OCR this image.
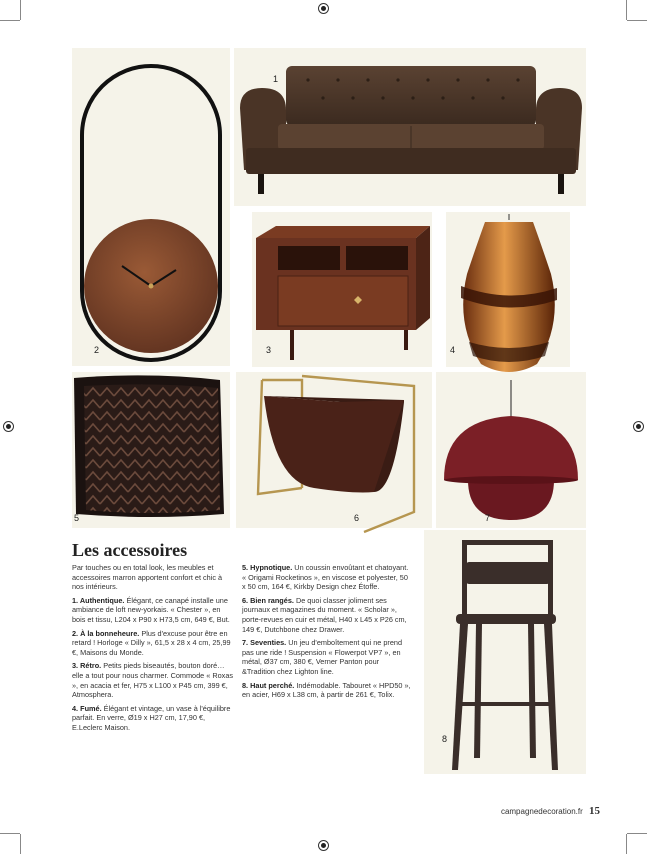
1
2	3	4
5	6	7
8
Les accessoires

Par touches ou en total look, les meubles et accessoires marron apportent confort et chic à nos intérieurs.

1. Authentique. Élégant, ce canapé installe une ambiance de loft new-yorkais. « Chester », en bois et tissu, L204 x P90 x H73,5 cm, 649 €, But.

2. À la bonneheure. Plus d'excuse pour être en retard ! Horloge « Dilly », 61,5 x 28 x 4 cm, 25,99 €, Maisons du Monde.

3. Rétro. Petits pieds biseautés, bouton doré… elle a tout pour nous charmer. Commode « Roxas », en acacia et fer, H75 x L100 x P45 cm, 399 €, Atmosphera.

4. Fumé. Élégant et vintage, un vase à l'équilibre parfait. En verre, Ø19 x H27 cm, 17,90 €, E.Leclerc Maison.

5. Hypnotique. Un coussin envoûtant et chatoyant. « Origami Rocketinos », en viscose et polyester, 50 x 50 cm, 164 €, Kirkby Design chez Étoffe.

6. Bien rangés. De quoi classer joliment ses journaux et magazines du moment. « Scholar », porte-revues en cuir et métal, H40 x L45 x P26 cm, 149 €, Dutchbone chez Drawer.

7. Seventies. Un jeu d'emboîtement qui ne prend pas une ride ! Suspension « Flowerpot VP7 », en métal, Ø37 cm, 380 €, Verner Panton pour &Tradition chez Lighton line.

8. Haut perché. Indémodable. Tabouret « HPD50 », en acier, H69 x L38 cm, à partir de 261 €, Tolix.

campagnedecoration.fr 15
